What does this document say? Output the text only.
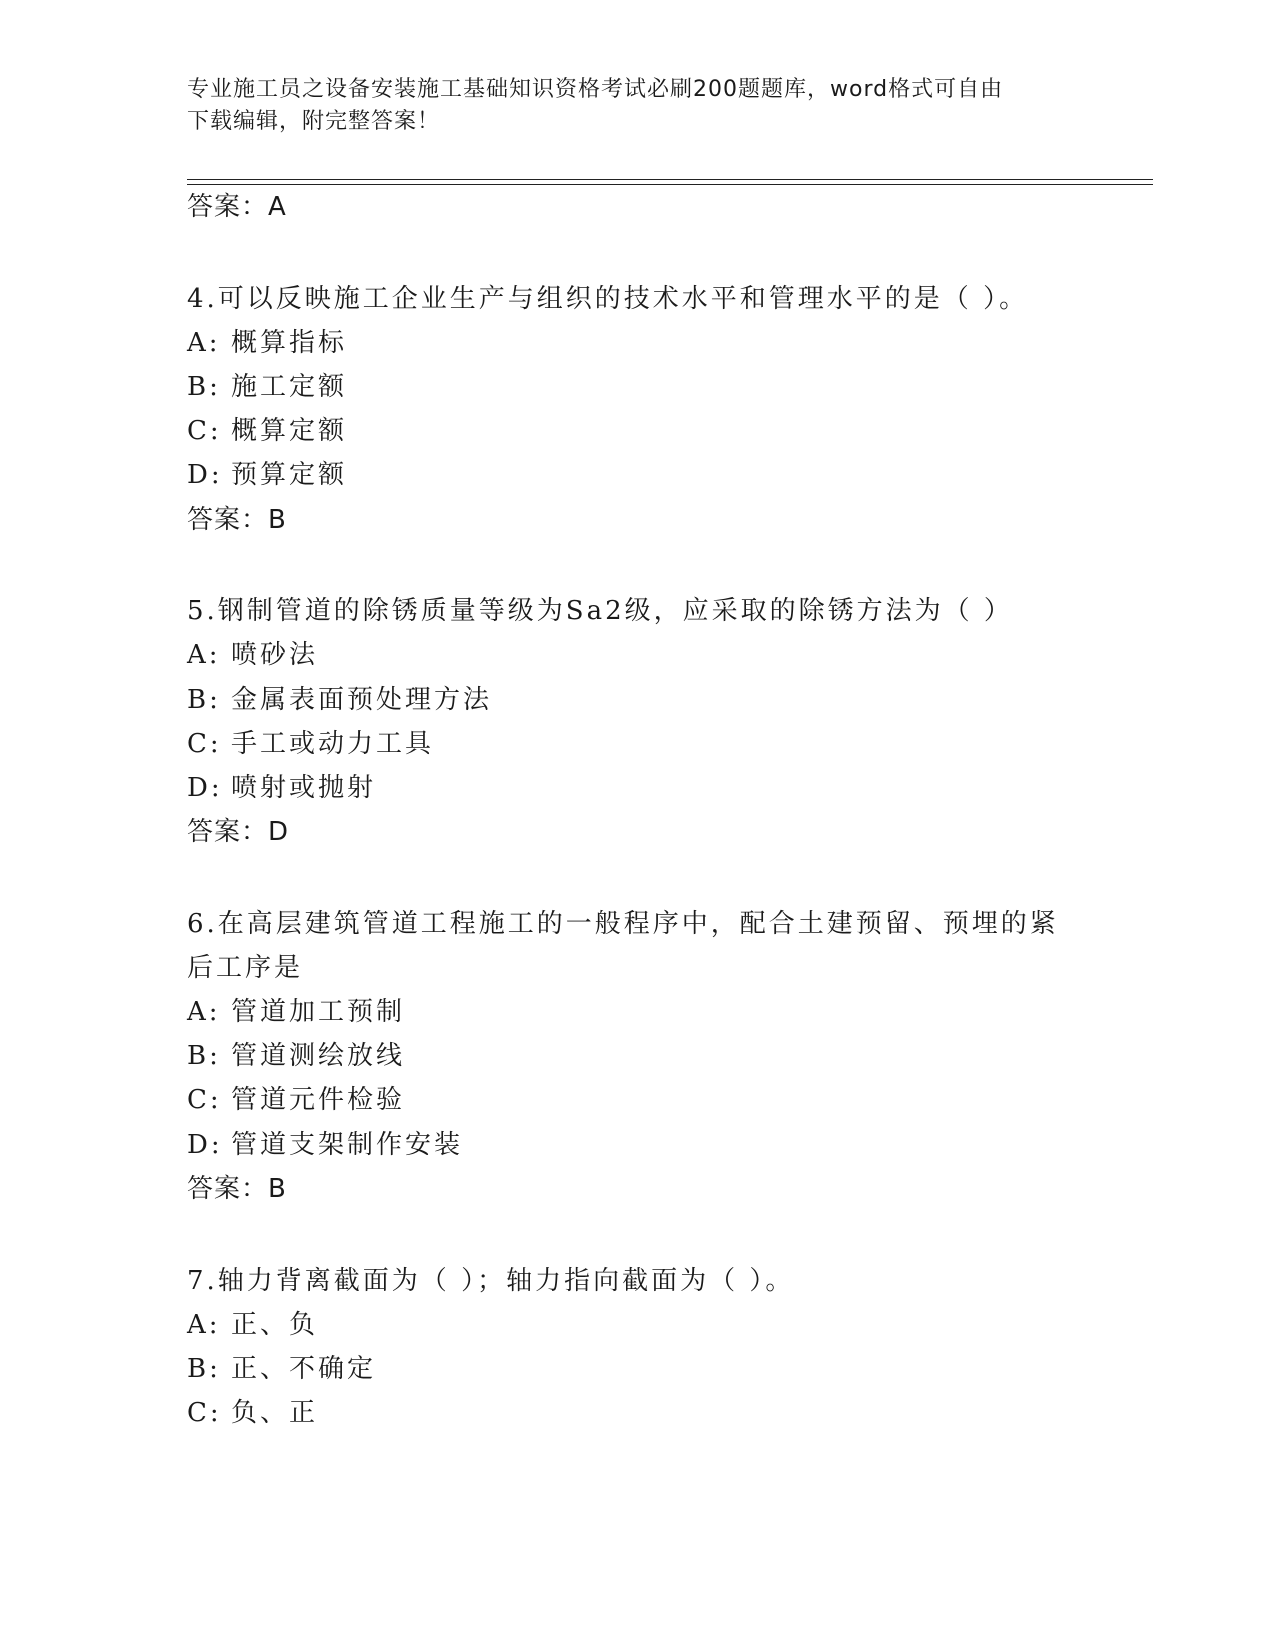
专业施工员之设备安装施工基础知识资格考试必刷200题题库，word格式可自由
下载编辑，附完整答案！
答案：A
4.可以反映施工企业生产与组织的技术水平和管理水平的是（ ）。
A: 概算指标
B: 施工定额
C: 概算定额
D: 预算定额
答案：B
5.钢制管道的除锈质量等级为Sa2级，应采取的除锈方法为（ ）
A: 喷砂法
B: 金属表面预处理方法
C: 手工或动力工具
D: 喷射或抛射
答案：D
6.在高层建筑管道工程施工的一般程序中，配合土建预留、预埋的紧
后工序是
A: 管道加工预制
B: 管道测绘放线
C: 管道元件检验
D: 管道支架制作安装
答案：B
7.轴力背离截面为（ ）；轴力指向截面为（ ）。
A: 正、负
B: 正、不确定
C: 负、正
